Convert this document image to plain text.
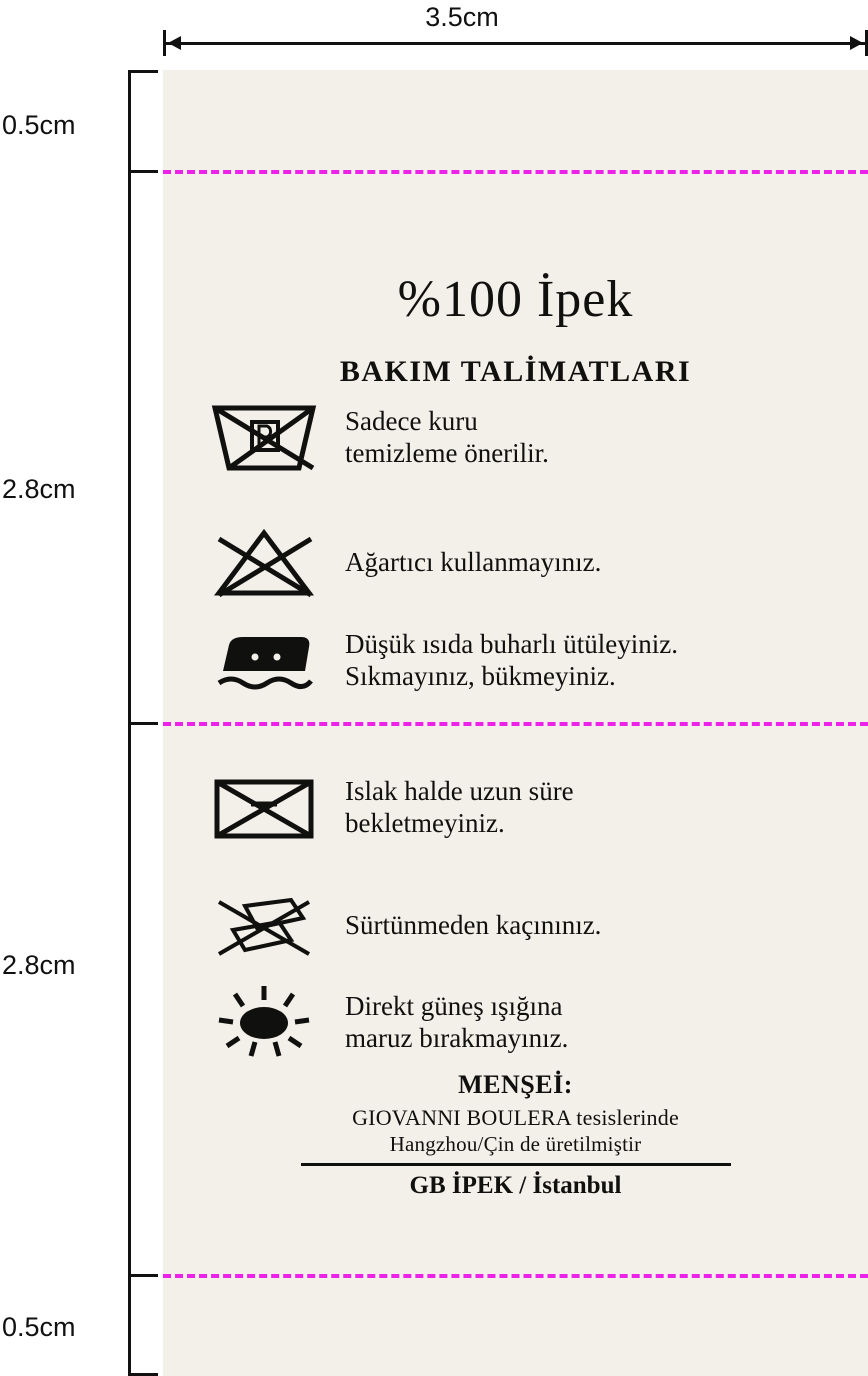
3.5cm
0.5cm
2.8cm
2.8cm
0.5cm
%100 İpek
BAKIM TALİMATLARI
Sadece kuru
temizleme önerilir.
Ağartıcı kullanmayınız.
Düşük ısıda buharlı ütüleyiniz.
Sıkmayınız, bükmeyiniz.
Islak halde uzun süre
bekletmeyiniz.
Sürtünmeden kaçınınız.
Direkt güneş ışığına
maruz bırakmayınız.
MENŞEİ:
GIOVANNI BOULERA tesislerinde
Hangzhou/Çin de üretilmiştir
GB İPEK / İstanbul
